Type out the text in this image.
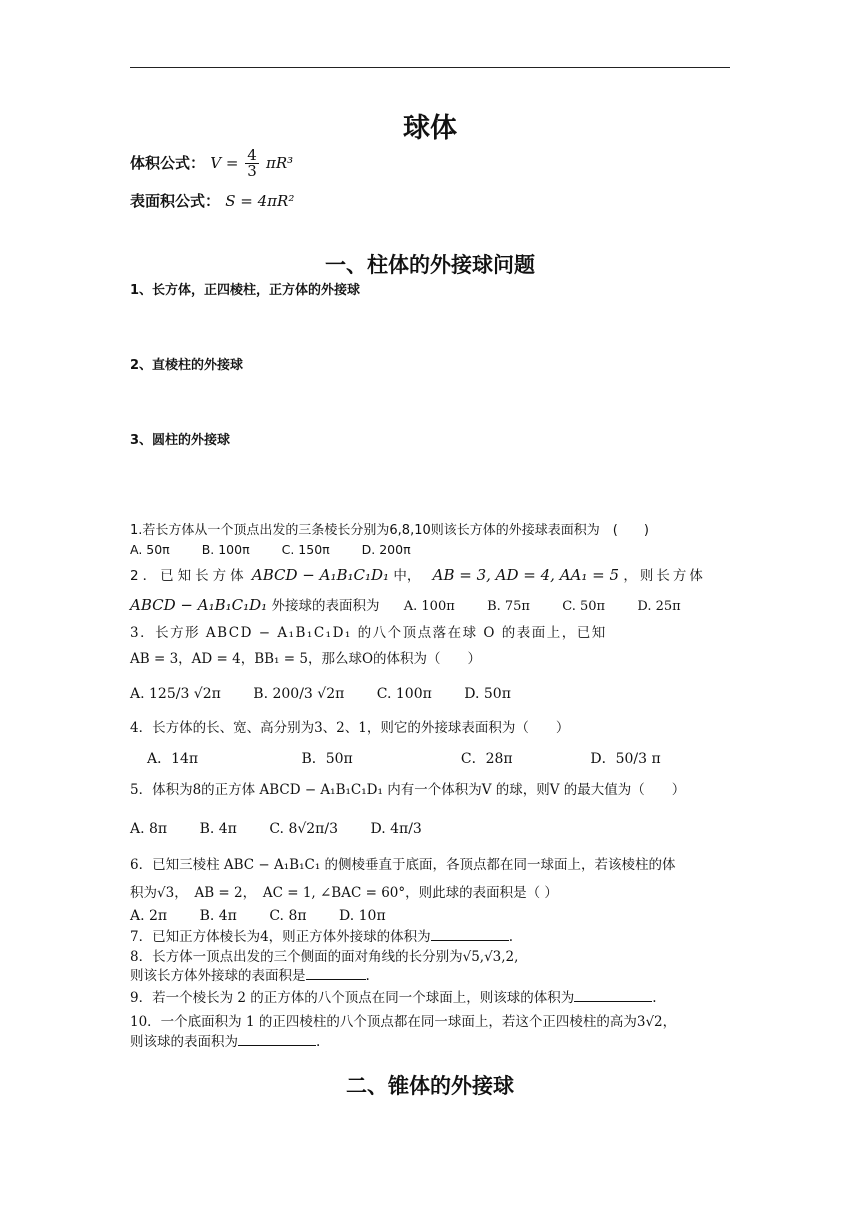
球体
体积公式： $V = \frac{4}{3} \pi R^3$
表面积公式： S = 4πR²
一、柱体的外接球问题
1、长方体，正四棱柱，正方体的外接球
2、直棱柱的外接球
3、圆柱的外接球
1.若长方体从一个顶点出发的三条棱长分别为6,8,10则该长方体的外接球表面积为　(　　)
A. 50π	B. 100π	C. 150π	D. 200π
2．已知长方体 ABCD − A₁B₁C₁D₁ 中， AB = 3, AD = 4, AA₁ = 5 ，则长方体
ABCD − A₁B₁C₁D₁ 外接球的表面积为 A. 100π B. 75π C. 50π D. 25π
3．长方形 ABCD − A₁B₁C₁D₁ 的八个顶点落在球 O 的表面上，已知
AB = 3，AD = 4，BB₁ = 5，那么球O的体积为（　　）
A. 125/3 √2π B. 200/3 √2π C. 100π D. 50π
4．长方体的长、宽、高分别为3、2、1，则它的外接球表面积为（　　）
A．14π	B．50π	C．28π	D．50/3 π
5．体积为8的正方体 ABCD − A₁B₁C₁D₁ 内有一个体积为V 的球，则V 的最大值为（　　）
A. 8π B. 4π C. 8√2π/3 D. 4π/3
6．已知三棱柱 ABC − A₁B₁C₁ 的侧棱垂直于底面，各顶点都在同一球面上，若该棱柱的体
积为√3，　AB = 2，　AC = 1, ∠BAC = 60°，则此球的表面积是（ ）
A. 2π B. 4π C. 8π D. 10π
7．已知正方体棱长为4，则正方体外接球的体积为	.
8．长方体一顶点出发的三个侧面的面对角线的长分别为√5,√3,2,
则该长方体外接球的表面积是	.
9．若一个棱长为 2 的正方体的八个顶点在同一个球面上，则该球的体积为	.
10．一个底面积为 1 的正四棱柱的八个顶点都在同一球面上，若这个正四棱柱的高为3√2，
则该球的表面积为	.
二、锥体的外接球
